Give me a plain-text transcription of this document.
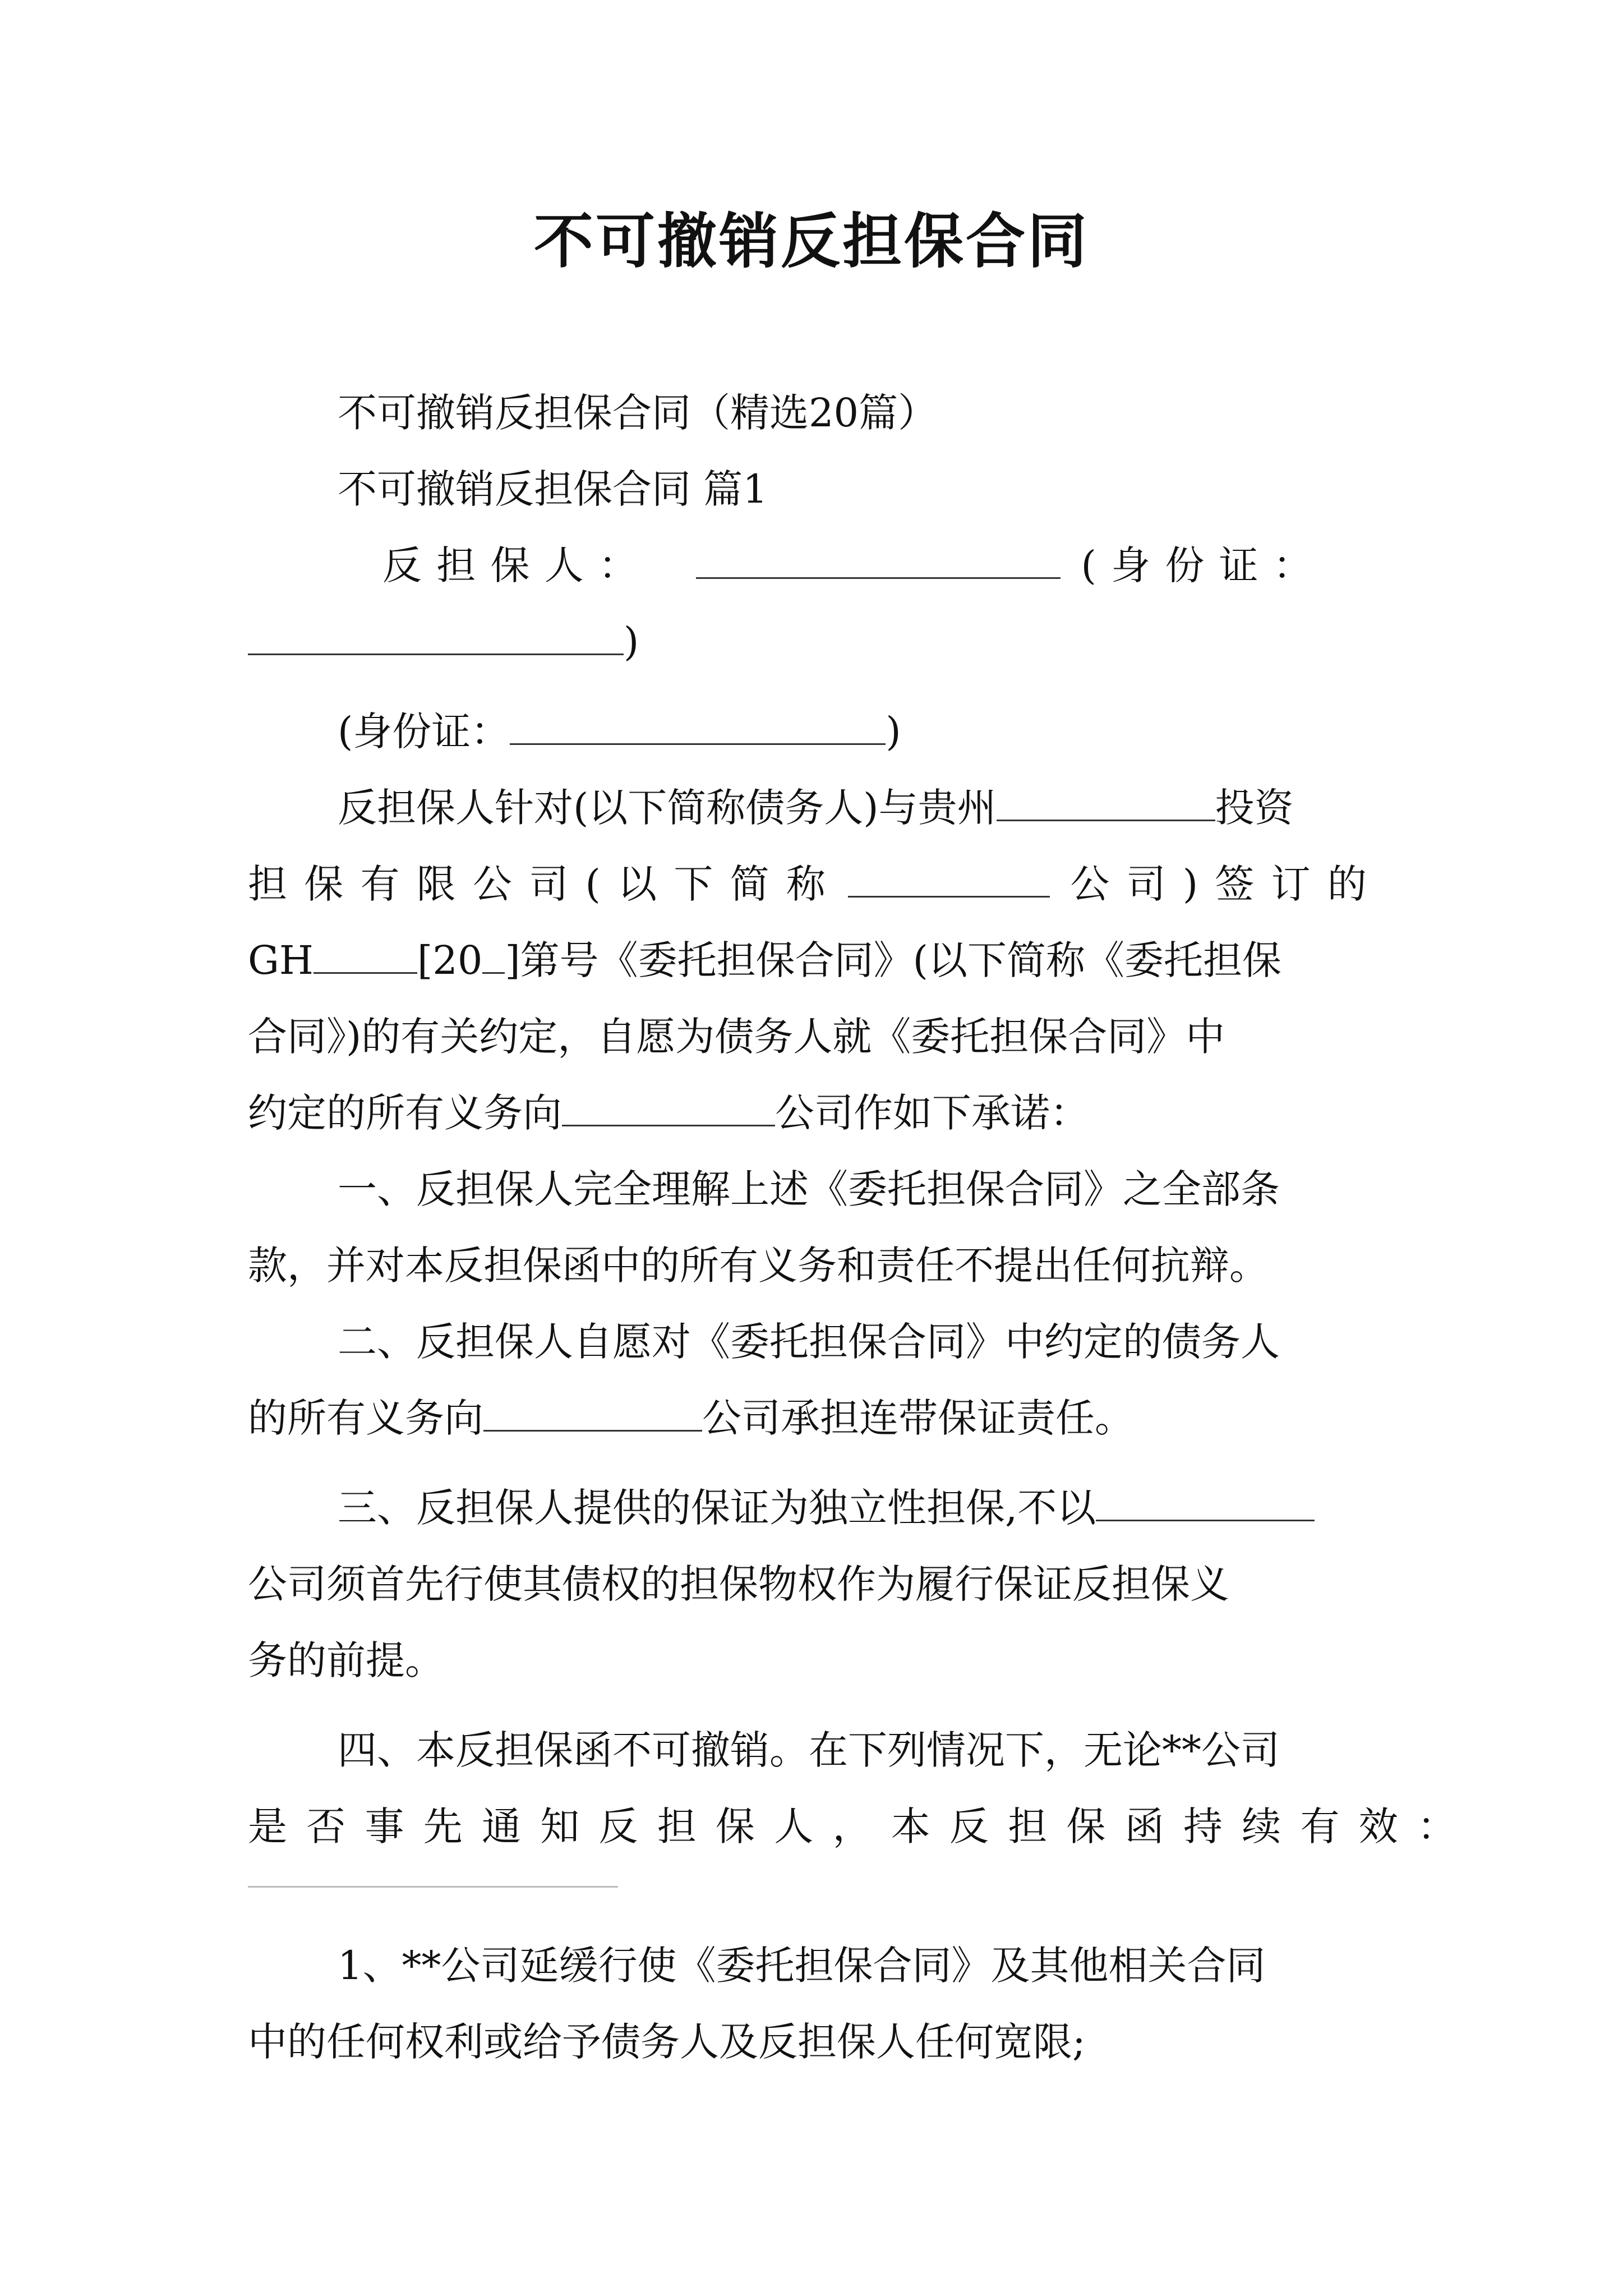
不可撤销反担保合同
不可撤销反担保合同（精选20篇）
不可撤销反担保合同 篇1
反 担 保 人 ：	( 身 份 证 ：
)
(身份证：	)
反担保人针对(以下简称债务人)与贵州	投资
担 保 有 限 公 司 ( 以 下 简 称	公 司 ) 签 订 的
GH	[20 ]第号《委托担保合同》(以下简称《委托担保
合同》)的有关约定，自愿为债务人就《委托担保合同》中
约定的所有义务向	公司作如下承诺：
一、反担保人完全理解上述《委托担保合同》之全部条
款，并对本反担保函中的所有义务和责任不提出任何抗辩。
二、反担保人自愿对《委托担保合同》中约定的债务人
的所有义务向	公司承担连带保证责任。
三、反担保人提供的保证为独立性担保,不以
公司须首先行使其债权的担保物权作为履行保证反担保义
务的前提。
四、本反担保函不可撤销。在下列情况下，无论**公司
是 否 事 先 通 知 反 担 保 人 ， 本 反 担 保 函 持 续 有 效 ：
1、**公司延缓行使《委托担保合同》及其他相关合同
中的任何权利或给予债务人及反担保人任何宽限;
